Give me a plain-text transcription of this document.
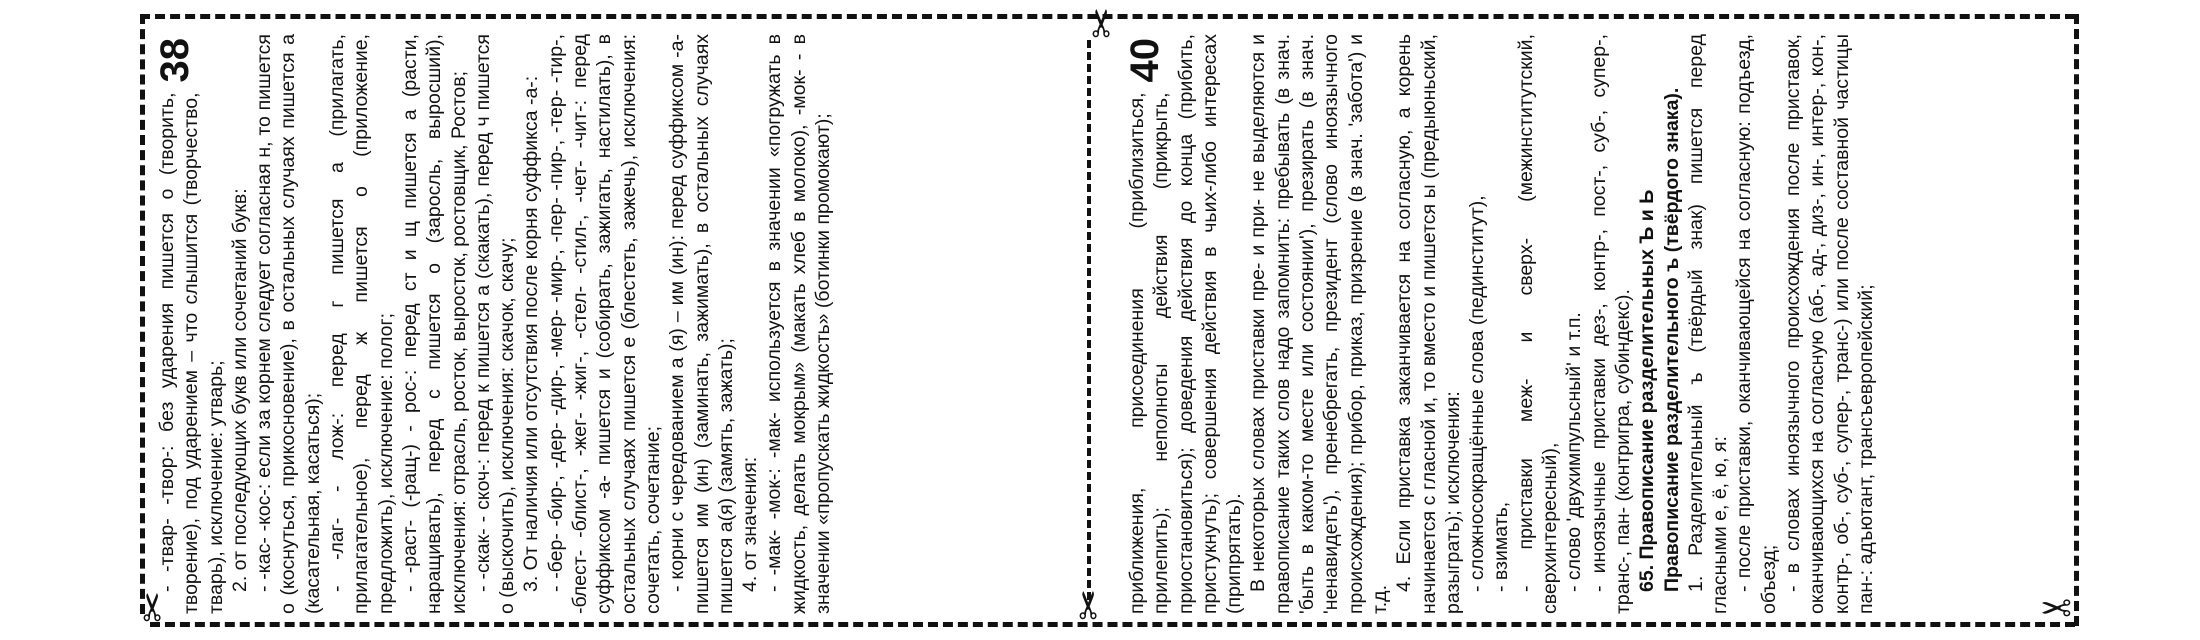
✂
✂
✂	✂
38

- -твар- -твор-: без ударения пишется о (творить, творение), под ударением – что слышится (творчество, тварь), исключение: утварь; 2. от последующих букв или сочетаний букв: - -кас- -кос-: если за корнем следует согласная н, то пишется о (коснуться, прикосновение), в остальных случаях пишется а (касательная, касаться); - -лаг- - лож-: перед г пишется а (прилагать, прилагательное), перед ж пишется о (приложение, предложить), исключение: полог; - -раст- (-ращ-) - рос-: перед ст и щ пишется а (расти, наращивать), перед с пишется о (заросль, выросший), исключения: отрасль, росток, выросток, ростовщик, Ростов; - -скак- - скоч-: перед к пишется а (скакать), перед ч пишется о (выскочить), исключения: скачок, скачу; 3. От наличия или отсутствия после корня суффикса -а-: - -бер- -бир-, -дер- -дир-, -мер- -мир-, -пер- -пир-, -тер- -тир-, -блест- -блист-, -жег- -жиг-, -стел- -стил-, -чет- -чит-: перед суффиксом -а- пишется и (собирать, зажигать, настилать), в остальных случаях пишется е (блестеть, зажечь), исключения: сочетать, сочетание; - корни с чередованием а (я) – им (ин): перед суффиксом -а- пишется им (ин) (заминать, зажимать), в остальных случаях пишется а(я) (замять, зажать); 4. от значения: - -мак- -мок-: -мак- используется в значении «погружать в жидкость, делать мокрым» (макать хлеб в молоко), -мок- - в значении «пропускать жидкость» (ботинки промокают);

40

приближения, присоединения (приблизиться, прилепить); неполноты действия (прикрыть, приостановиться); доведения действия до конца (прибить, пристукнуть); совершения действия в чьих-либо интересах (припрятать). В некоторых словах приставки пре- и при- не выделяются и правописание таких слов надо запомнить: пребывать (в знач. 'быть в каком-то месте или состоянии'), презирать (в знач. 'ненавидеть'), пренебрегать, президент (слово иноязычного происхождения); прибор, приказ, призрение (в знач. 'забота') и т.д.

4. Если приставка заканчивается на согласную, а корень начинается с гласной и, то вместо и пишется ы (предыюньский, разыграть); исключения: - сложносокращённые слова (пединститут), - взимать, - приставки меж- и сверх- (межинститутский, сверхинтересный), - слово 'двухимпульсный' и т.п. - иноязычные приставки дез-, контр-, пост-, суб-, супер-, транс-, пан- (контригра, субиндекс). 65. Правописание разделительных Ъ и Ь Правописание разделительного ъ (твёрдого знака). 1. Разделительный ъ (твёрдый знак) пишется перед гласными е, ё, ю, я: - после приставки, оканчивающейся на согласную: подъезд, объезд; - в словах иноязычного происхождения после приставок, оканчивающихся на согласную (аб-, ад-, диз-, ин-, интер-, кон-, контр-, об-, суб-, супер-, транс-) или после составной частицы пан-: адъютант, трансъевропейский;
